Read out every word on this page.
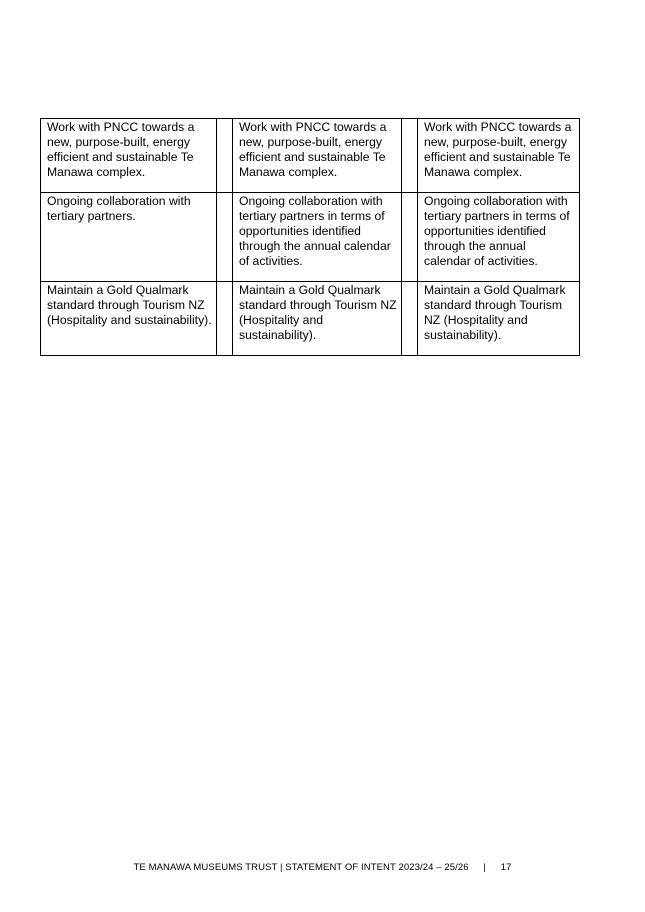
Work with PNCC towards a new, purpose-built, energy efficient and sustainable Te Manawa complex.		Work with PNCC towards a new, purpose-built, energy efficient and sustainable Te Manawa complex.		Work with PNCC towards a new, purpose-built, energy efficient and sustainable Te Manawa complex.
Ongoing collaboration with tertiary partners.		Ongoing collaboration with tertiary partners in terms of opportunities identified through the annual calendar of activities.		Ongoing collaboration with tertiary partners in terms of opportunities identified through the annual calendar of activities.
Maintain a Gold Qualmark standard through Tourism NZ (Hospitality and sustainability).		Maintain a Gold Qualmark standard through Tourism NZ (Hospitality and sustainability).		Maintain a Gold Qualmark standard through Tourism NZ (Hospitality and sustainability).
TE MANAWA MUSEUMS TRUST | STATEMENT OF INTENT 2023/24 – 25/26 | 17
